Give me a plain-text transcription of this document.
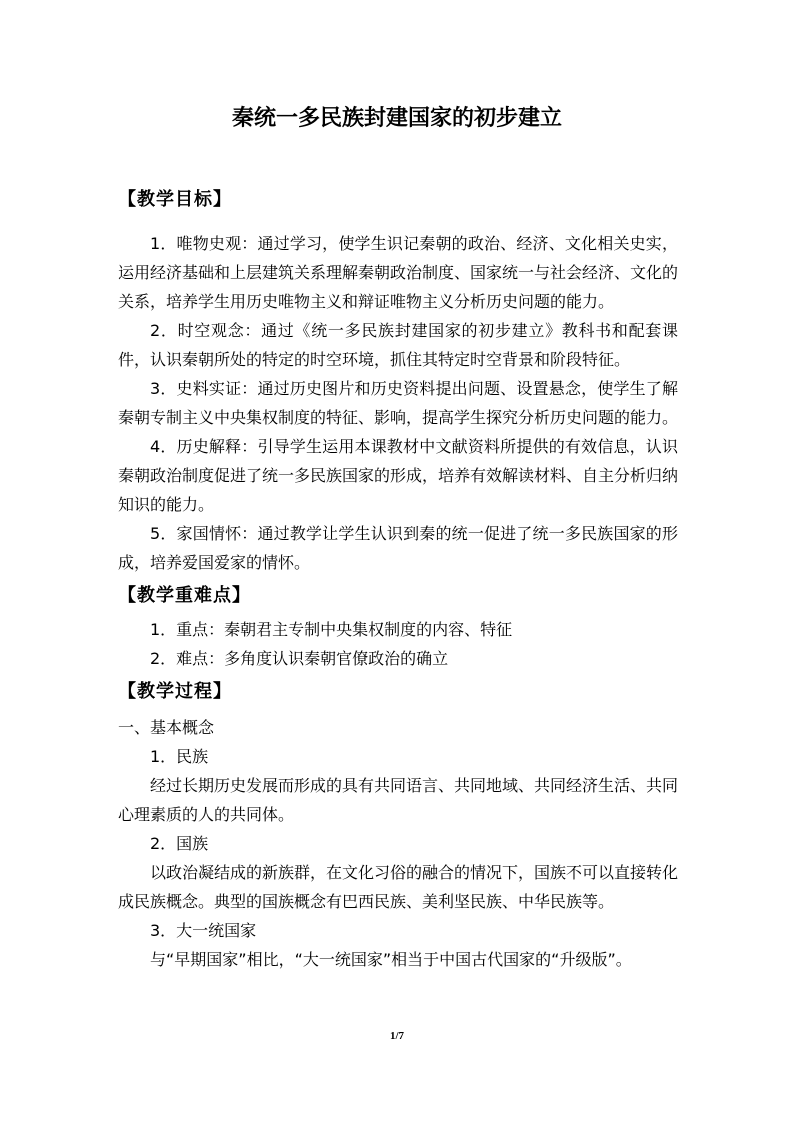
秦统一多民族封建国家的初步建立
【教学目标】

1．唯物史观：通过学习，使学生识记秦朝的政治、经济、文化相关史实，运用经济基础和上层建筑关系理解秦朝政治制度、国家统一与社会经济、文化的关系，培养学生用历史唯物主义和辩证唯物主义分析历史问题的能力。

2．时空观念：通过《统一多民族封建国家的初步建立》教科书和配套课件，认识秦朝所处的特定的时空环境，抓住其特定时空背景和阶段特征。

3．史料实证：通过历史图片和历史资料提出问题、设置悬念，使学生了解秦朝专制主义中央集权制度的特征、影响，提高学生探究分析历史问题的能力。

4．历史解释：引导学生运用本课教材中文献资料所提供的有效信息，认识秦朝政治制度促进了统一多民族国家的形成，培养有效解读材料、自主分析归纳知识的能力。

5．家国情怀：通过教学让学生认识到秦的统一促进了统一多民族国家的形成，培养爱国爱家的情怀。

【教学重难点】

1．重点：秦朝君主专制中央集权制度的内容、特征

2．难点：多角度认识秦朝官僚政治的确立

【教学过程】

一、基本概念

1．民族

经过长期历史发展而形成的具有共同语言、共同地域、共同经济生活、共同心理素质的人的共同体。

2．国族

以政治凝结成的新族群，在文化习俗的融合的情况下，国族不可以直接转化成民族概念。典型的国族概念有巴西民族、美利坚民族、中华民族等。

3．大一统国家

与“早期国家”相比，“大一统国家”相当于中国古代国家的“升级版”。

1/7
